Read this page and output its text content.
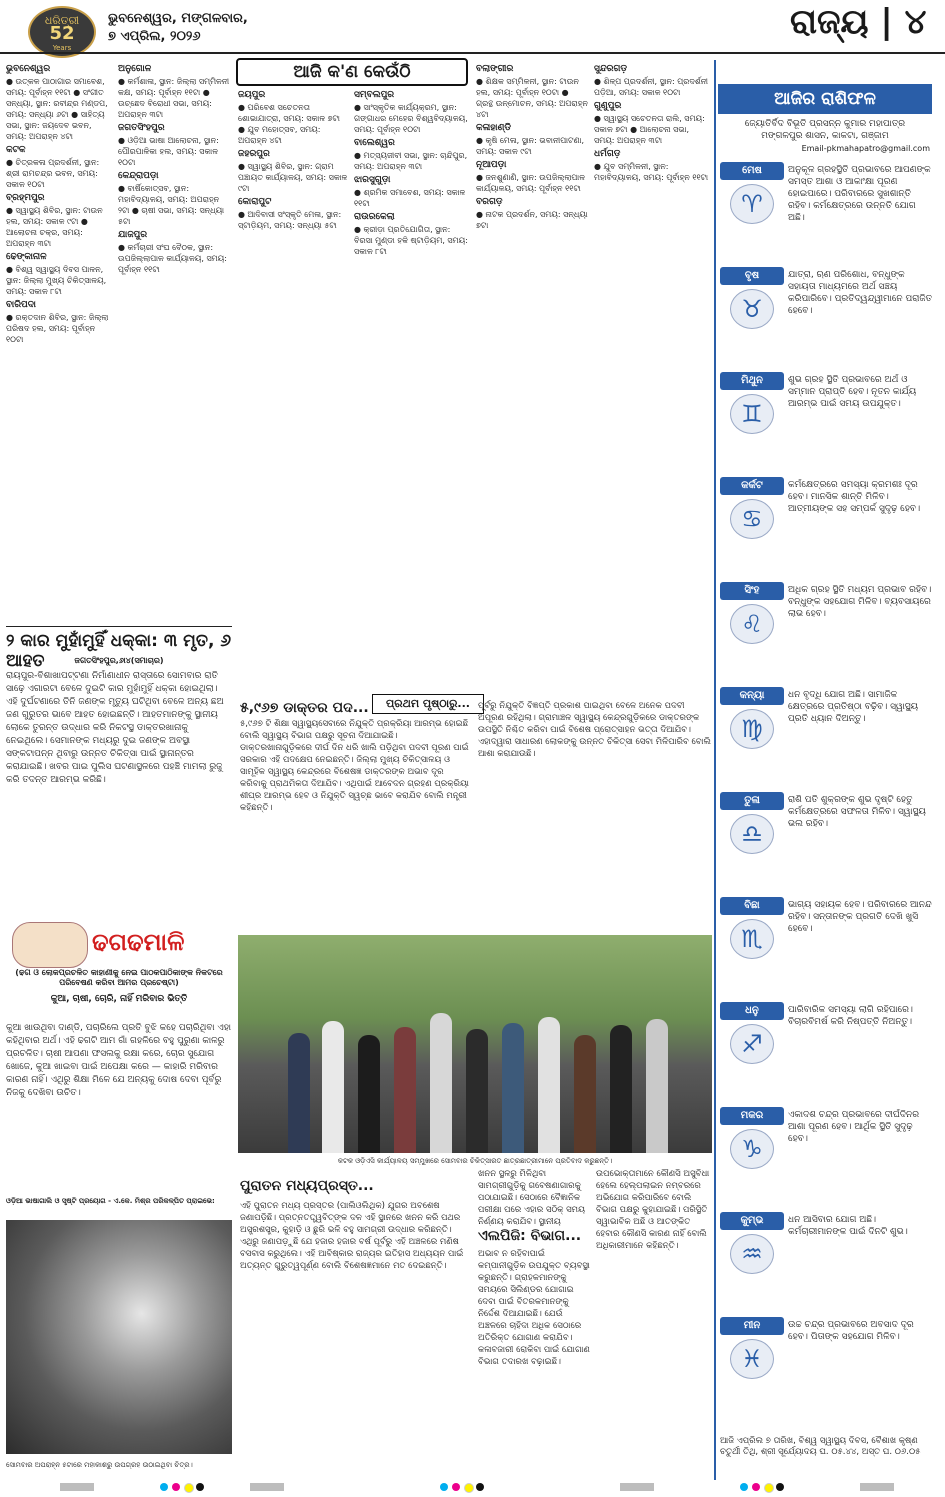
ଧରିତ୍ରୀ
52
Years
ଭୁବନେଶ୍ୱର, ମଙ୍ଗଳବାର,
୭ ଏପ୍ରିଲ, ୨୦୨୬	ରାଜ୍ୟ | ୪
ଆଜି କ'ଣ କେଉଁଠି
ଭୁବନେଶ୍ୱର

● ଉତ୍କଳ ପାଠାଗାର ସମାବେଶ, ସମୟ: ପୂର୍ବାହ୍ନ ୧୧ଟା ● ସଂଗୀତ ସନ୍ଧ୍ୟା, ସ୍ଥାନ: ରବୀନ୍ଦ୍ର ମଣ୍ଡପ, ସମୟ: ସନ୍ଧ୍ୟା ୬ଟା ● ସାହିତ୍ୟ ସଭା, ସ୍ଥାନ: ଜୟଦେବ ଭବନ, ସମୟ: ଅପରାହ୍ନ ୪ଟା

କଟକ

● ଚିତ୍ରକଳା ପ୍ରଦର୍ଶନୀ, ସ୍ଥାନ: ଶ୍ରୀ ରାମଚନ୍ଦ୍ର ଭବନ, ସମୟ: ସକାଳ ୧୦ଟା

ବ୍ରହ୍ମପୁର

● ସ୍ୱାସ୍ଥ୍ୟ ଶିବିର, ସ୍ଥାନ: ଟାଉନ ହଲ, ସମୟ: ସକାଳ ୯ଟା ● ଆଲୋଚନା ଚକ୍ର, ସମୟ: ଅପରାହ୍ନ ୩ଟା

ଢେଙ୍କାନାଳ

● ବିଶ୍ୱ ସ୍ୱାସ୍ଥ୍ୟ ଦିବସ ପାଳନ, ସ୍ଥାନ: ଜିଲ୍ଲା ମୁଖ୍ୟ ଚିକିତ୍ସାଳୟ, ସମୟ: ସକାଳ ୮ଟା

ବାରିପଦା

● ରକ୍ତଦାନ ଶିବିର, ସ୍ଥାନ: ଜିଲ୍ଲା ପରିଷଦ ହଲ, ସମୟ: ପୂର୍ବାହ୍ନ ୧୦ଟା

ଅନୁଗୋଳ

● କର୍ମଶାଳା, ସ୍ଥାନ: ଜିଲ୍ଲା ସମ୍ମିଳନୀ କକ୍ଷ, ସମୟ: ପୂର୍ବାହ୍ନ ୧୧ଟା ● ଉଚ୍ଛେଦ ବିରୋଧୀ ସଭା, ସମୟ: ଅପରାହ୍ନ ୩ଟା

ଜଗତସିଂହପୁର

● ଓଡ଼ିଆ ଭାଷା ଆଲୋଚନା, ସ୍ଥାନ: ପୌରପାଳିକା ହଲ, ସମୟ: ସକାଳ ୧୦ଟା

କେନ୍ଦ୍ରାପଡ଼ା

● ବାର୍ଷିକୋତ୍ସବ, ସ୍ଥାନ: ମହାବିଦ୍ୟାଳୟ, ସମୟ: ଅପରାହ୍ନ ୨ଟା ● ଚାଷୀ ସଭା, ସମୟ: ସନ୍ଧ୍ୟା ୫ଟା

ଯାଜପୁର

● କର୍ମଚାରୀ ସଂଘ ବୈଠକ, ସ୍ଥାନ: ଉପଜିଲ୍ଲାପାଳ କାର୍ଯ୍ୟାଳୟ, ସମୟ: ପୂର୍ବାହ୍ନ ୧୧ଟା

ଜୟପୁର

● ପରିବେଶ ସଚେତନତା ଶୋଭାଯାତ୍ରା, ସମୟ: ସକାଳ ୭ଟା ● ଯୁବ ମହୋତ୍ସବ, ସମୟ: ଅପରାହ୍ନ ୪ଟା

ଜହରପୁର

● ସ୍ୱାସ୍ଥ୍ୟ ଶିବିର, ସ୍ଥାନ: ଗ୍ରାମ ପଞ୍ଚାୟତ କାର୍ଯ୍ୟାଳୟ, ସମୟ: ସକାଳ ୯ଟା

କୋରାପୁଟ

● ଆଦିବାସୀ ସଂସ୍କୃତି ମେଳା, ସ୍ଥାନ: ସ୍ଟାଡ଼ିୟମ, ସମୟ: ସନ୍ଧ୍ୟା ୫ଟା

ସମ୍ବଲପୁର

● ସାଂସ୍କୃତିକ କାର୍ଯ୍ୟକ୍ରମ, ସ୍ଥାନ: ଗଙ୍ଗାଧର ମେହେର ବିଶ୍ୱବିଦ୍ୟାଳୟ, ସମୟ: ପୂର୍ବାହ୍ନ ୧୦ଟା

ବାଲେଶ୍ୱର

● ମତ୍ସ୍ୟଜୀବୀ ସଭା, ସ୍ଥାନ: ଚାନ୍ଦିପୁର, ସମୟ: ଅପରାହ୍ନ ୩ଟା

ଝାରସୁଗୁଡ଼ା

● ଶ୍ରମିକ ସମାବେଶ, ସମୟ: ସକାଳ ୧୧ଟା

ରାଉରକେଲା

● କ୍ରୀଡ଼ା ପ୍ରତିଯୋଗିତା, ସ୍ଥାନ: ବିରସା ମୁଣ୍ଡା ହକି ଷ୍ଟାଡ଼ିୟମ, ସମୟ: ସକାଳ ୮ଟା

ବଲାଙ୍ଗୀର

● ଶିକ୍ଷକ ସମ୍ମିଳନୀ, ସ୍ଥାନ: ଟାଉନ ହଲ, ସମୟ: ପୂର୍ବାହ୍ନ ୧୦ଟା ● ଗ୍ରନ୍ଥ ଉନ୍ମୋଚନ, ସମୟ: ଅପରାହ୍ନ ୪ଟା

କଳାହାଣ୍ଡି

● କୃଷି ମେଳା, ସ୍ଥାନ: ଭବାନୀପାଟଣା, ସମୟ: ସକାଳ ୯ଟା

ନୂଆପଡ଼ା

● ଜନଶୁଣାଣି, ସ୍ଥାନ: ଉପଜିଲ୍ଲାପାଳ କାର୍ଯ୍ୟାଳୟ, ସମୟ: ପୂର୍ବାହ୍ନ ୧୧ଟା

ବରଗଡ଼

● ନାଟକ ପ୍ରଦର୍ଶନ, ସମୟ: ସନ୍ଧ୍ୟା ୭ଟା

ସୁନ୍ଦରଗଡ଼

● ଶିଳ୍ପ ପ୍ରଦର୍ଶନୀ, ସ୍ଥାନ: ପ୍ରଦର୍ଶନୀ ପଡ଼ିଆ, ସମୟ: ସକାଳ ୧୦ଟା

ଗୁଣୁପୁର

● ସ୍ୱାସ୍ଥ୍ୟ ସଚେତନତା ରାଲି, ସମୟ: ସକାଳ ୭ଟା ● ଆଲୋଚନା ସଭା, ସମୟ: ଅପରାହ୍ନ ୩ଟା

ଧର୍ମଗଡ଼

● ଯୁବ ସମ୍ମିଳନୀ, ସ୍ଥାନ: ମହାବିଦ୍ୟାଳୟ, ସମୟ: ପୂର୍ବାହ୍ନ ୧୧ଟା

୨ କାର ମୁହାଁମୁହିଁ ଧକ୍କା: ୩ ମୃତ, ୬ ଆହତ	ଜଗତସିଂହପୁର,୬ା୪(ସମାଚାର)
ରାୟପୁର-ବିଶାଖାପଟ୍ଟଣା ନିର୍ମାଣାଧୀନ ରାସ୍ତାରେ ସୋମବାର ରାତି ସାଢ଼େ ଏଗାରଟା ବେଳେ ଦୁଇଟି କାର ମୁହାଁମୁହିଁ ଧକ୍କା ହୋଇଥିଲା। ଏହି ଦୁର୍ଘଟଣାରେ ତିନି ଜଣଙ୍କ ମୃତ୍ୟୁ ଘଟିଥିବା ବେଳେ ଅନ୍ୟ ଛଅ ଜଣ ଗୁରୁତର ଭାବେ ଆହତ ହୋଇଛନ୍ତି। ଆହତମାନଙ୍କୁ ସ୍ଥାନୀୟ ଲୋକେ ତୁରନ୍ତ ଉଦ୍ଧାର କରି ନିକଟସ୍ଥ ଡାକ୍ତରଖାନାକୁ ନେଇଥିଲେ। ସେମାନଙ୍କ ମଧ୍ୟରୁ ଦୁଇ ଜଣଙ୍କ ଅବସ୍ଥା ସଙ୍କଟାପନ୍ନ ଥିବାରୁ ଉନ୍ନତ ଚିକିତ୍ସା ପାଇଁ ସ୍ଥାନାନ୍ତର କରାଯାଇଛି। ଖବର ପାଇ ପୁଲିସ ଘଟଣାସ୍ଥଳରେ ପହଞ୍ଚି ମାମଲା ରୁଜୁ କରି ତଦନ୍ତ ଆରମ୍ଭ କରିଛି।
ଢଗଢମାଳି
(ଢଗ ଓ ଲୋକପ୍ରଚଳିତ କାହାଣୀକୁ ନେଇ ପାଠକପାଠିକାଙ୍କ ନିକଟରେ ପରିବେଷଣ କରିବା ଆମର ପ୍ରଚେଷ୍ଟା)
କୁଆ, ଚାଷୀ, ଚୋରି, ନାହିଁ ମରିବାର ଭିତ୍ତି
କୁଆ ଖାଉଥିବା ଦାଣ୍ଡି, ପଚାରିଲେ ପ୍ରତି ବୁଝି କହେ ପଚାରିଥିବା ଏହା କହିଥିବାର ଅର୍ଥ। ଏହି ଢଗଟି ଆମ ଗାଁ ଗହଳିରେ ବହୁ ପୁରୁଣା କାଳରୁ ପ୍ରଚଳିତ। ଚାଷୀ ଆପଣା ଫସଲକୁ ରକ୍ଷା କରେ, ଚୋର ସୁଯୋଗ ଖୋଜେ, କୁଆ ଖାଇବା ପାଇଁ ଅପେକ୍ଷା କରେ — କାହାରି ମରିବାର କାରଣ ନାହିଁ। ଏଥିରୁ ଶିକ୍ଷା ମିଳେ ଯେ ଅନ୍ୟକୁ ଦୋଷ ଦେବା ପୂର୍ବରୁ ନିଜକୁ ଦେଖିବା ଉଚିତ।
ଓଡ଼ିଆ ଭାଷାଗାଲି ଓ ସୃଷ୍ଟି ପ୍ରୟୋଗ - ଏ.କେ. ମିଶ୍ର ପରିକଳ୍ପିତ ପ୍ରାଇଭେ:
ସୋମବାର ଅପରାହ୍ନ ୫ଟାରେ ମହାକାଶରୁ ଉପଗ୍ରହ ଉଠାଇଥିବା ଚିତ୍ର।
୫,୯୬୭ ଡାକ୍ତର ପଦ...	ପ୍ରଥମ ପୃଷ୍ଠାରୁ...
୫,୯୬୭ ଟି ଶିକ୍ଷା ସ୍ୱାସ୍ଥ୍ୟସେବାରେ ନିଯୁକ୍ତି ପ୍ରକ୍ରିୟା ଆରମ୍ଭ ହୋଇଛି ବୋଲି ସ୍ୱାସ୍ଥ୍ୟ ବିଭାଗ ପକ୍ଷରୁ ସୂଚନା ଦିଆଯାଇଛି। ଡାକ୍ତରଖାନାଗୁଡ଼ିକରେ ଦୀର୍ଘ ଦିନ ଧରି ଖାଲି ପଡ଼ିଥିବା ପଦବୀ ପୂରଣ ପାଇଁ ସରକାର ଏହି ପଦକ୍ଷେପ ନେଇଛନ୍ତି। ଜିଲ୍ଲା ମୁଖ୍ୟ ଚିକିତ୍ସାଳୟ ଓ ସାମୂହିକ ସ୍ୱାସ୍ଥ୍ୟ କେନ୍ଦ୍ରରେ ବିଶେଷଜ୍ଞ ଡାକ୍ତରଙ୍କ ଅଭାବ ଦୂର କରିବାକୁ ପ୍ରାଥମିକତା ଦିଆଯିବ। ଏଥିପାଇଁ ଆବେଦନ ଗ୍ରହଣ ପ୍ରକ୍ରିୟା ଶୀଘ୍ର ଆରମ୍ଭ ହେବ ଓ ନିଯୁକ୍ତି ସ୍ୱଚ୍ଛ ଭାବେ କରାଯିବ ବୋଲି ମନ୍ତ୍ରୀ କହିଛନ୍ତି।
ପୂର୍ବରୁ ନିଯୁକ୍ତି ବିଜ୍ଞପ୍ତି ପ୍ରକାଶ ପାଇଥିବା ବେଳେ ଅନେକ ପଦବୀ ଅପୂରଣ ରହିଥିଲା। ଗ୍ରାମାଞ୍ଚଳ ସ୍ୱାସ୍ଥ୍ୟ କେନ୍ଦ୍ରଗୁଡ଼ିକରେ ଡାକ୍ତରଙ୍କ ଉପସ୍ଥିତି ନିଶ୍ଚିତ କରିବା ପାଇଁ ବିଶେଷ ପ୍ରୋତ୍ସାହନ ଭତ୍ତା ଦିଆଯିବ। ଏହାଦ୍ୱାରା ସାଧାରଣ ଲୋକଙ୍କୁ ଉନ୍ନତ ଚିକିତ୍ସା ସେବା ମିଳିପାରିବ ବୋଲି ଆଶା କରାଯାଉଛି।
କଟକ ଓଡ଼ିଏସି କାର୍ଯ୍ୟାଳୟ ସମ୍ମୁଖରେ ସୋମବାର ଚିକିତ୍ସାରତ ଛାତ୍ରଛାତ୍ରୀମାନେ ପ୍ରତିବାଦ କରୁଛନ୍ତି।
ପୁରାତନ ମଧ୍ୟପ୍ରସ୍ତ...
ଏହି ପୁରାତନ ମଧ୍ୟ ପ୍ରସ୍ତର (ପାଲିଓଲିଥିକ) ଯୁଗର ଅବଶେଷ ଜଣାପଡ଼ିଛି। ପ୍ରତ୍ନତତ୍ତ୍ୱବିତ୍‌ଙ୍କ ଦଳ ଏହି ସ୍ଥାନରେ ଖନନ କରି ପଥର ଅସ୍ତ୍ରଶସ୍ତ୍ର, କୁହାଡ଼ି ଓ ଛୁରି ଭଳି ବହୁ ସାମଗ୍ରୀ ଉଦ୍ଧାର କରିଛନ୍ତି। ଏଥିରୁ ଜଣାପଡ଼ୁଛି ଯେ ହଜାର ହଜାର ବର୍ଷ ପୂର୍ବରୁ ଏହି ଅଞ୍ଚଳରେ ମଣିଷ ବସବାସ କରୁଥିଲେ। ଏହି ଆବିଷ୍କାର ରାଜ୍ୟର ଇତିହାସ ଅଧ୍ୟୟନ ପାଇଁ ଅତ୍ୟନ୍ତ ଗୁରୁତ୍ୱପୂର୍ଣ୍ଣ ବୋଲି ବିଶେଷଜ୍ଞମାନେ ମତ ଦେଇଛନ୍ତି।
ଖନନ ସ୍ଥଳରୁ ମିଳିଥିବା ସାମଗ୍ରୀଗୁଡ଼ିକୁ ଗବେଷଣାଗାରକୁ ପଠାଯାଇଛି। ସେଠାରେ ବୈଜ୍ଞାନିକ ପରୀକ୍ଷା ପରେ ଏହାର ସଠିକ୍ ସମୟ ନିର୍ଣ୍ଣୟ କରାଯିବ। ସ୍ଥାନୀୟ
ଏଲପିଜି: ବିଭାଗ...
ଅଭାବ ନ ରହିବାପାଇଁ କମ୍ପାନୀଗୁଡ଼ିକ ଉପଯୁକ୍ତ ବ୍ୟବସ୍ଥା କରୁଛନ୍ତି। ଗ୍ରାହକମାନଙ୍କୁ ସମୟରେ ସିଲିଣ୍ଡର ଯୋଗାଇ ଦେବା ପାଇଁ ବିତରକମାନଙ୍କୁ ନିର୍ଦ୍ଦେଶ ଦିଆଯାଇଛି। ଯେଉଁ ଅଞ୍ଚଳରେ ଚାହିଦା ଅଧିକ ସେଠାରେ ଅତିରିକ୍ତ ଯୋଗାଣ କରାଯିବ। କଳାବଜାରୀ ରୋକିବା ପାଇଁ ଯୋଗାଣ ବିଭାଗ ତଦାରଖ ବଢ଼ାଇଛି।
ଉପଭୋକ୍ତାମାନେ କୌଣସି ଅସୁବିଧା ହେଲେ ହେଲ୍ପଲାଇନ ନମ୍ବରରେ ଅଭିଯୋଗ କରିପାରିବେ ବୋଲି ବିଭାଗ ପକ୍ଷରୁ କୁହାଯାଇଛି। ପରିସ୍ଥିତି ସ୍ୱାଭାବିକ ଅଛି ଓ ଆତଙ୍କିତ ହେବାର କୌଣସି କାରଣ ନାହିଁ ବୋଲି ଅଧିକାରୀମାନେ କହିଛନ୍ତି।
ଆଜିର ରାଶିଫଳ
ଜ୍ୟୋତିର୍ବିଦ ବିଭୂତି ପ୍ରସନ୍ନ କୁମାର ମହାପାତ୍ର
ମଙ୍ଗଳପୁର ଶାସନ, କାକଟା, ଗଞ୍ଜାମ
Email-pkmahapatro@gmail.com
ମେଷ
♈
ଅନୁକୂଳ ଗ୍ରହସ୍ଥିତି ପ୍ରଭାବରେ ଆପଣଙ୍କ ସମସ୍ତ ଆଶା ଓ ଆକାଂକ୍ଷା ପୂରଣ ହୋଇପାରେ। ପରିବାରରେ ସୁଖଶାନ୍ତି ରହିବ। କର୍ମକ୍ଷେତ୍ରରେ ଉନ୍ନତି ଯୋଗ ଅଛି।
ବୃଷ
♉
ଯାତ୍ରା, ଋଣ ପରିଶୋଧ, ବନ୍ଧୁଙ୍କ ସହାୟତା ମାଧ୍ୟମରେ ଅର୍ଥ ସଞ୍ଚୟ କରିପାରିବେ। ପ୍ରତିଦ୍ୱନ୍ଦ୍ୱୀମାନେ ପରାଜିତ ହେବେ।
ମିଥୁନ
♊
ଶୁଭ ଗ୍ରହ ସ୍ଥିତି ପ୍ରଭାବରେ ଅର୍ଥ ଓ ସମ୍ମାନ ପ୍ରାପ୍ତି ହେବ। ନୂତନ କାର୍ଯ୍ୟ ଆରମ୍ଭ ପାଇଁ ସମୟ ଉପଯୁକ୍ତ।
କର୍କଟ
♋
କର୍ମକ୍ଷେତ୍ରରେ ସମସ୍ୟା କ୍ରମଶଃ ଦୂର ହେବ। ମାନସିକ ଶାନ୍ତି ମିଳିବ। ଆତ୍ମୀୟଙ୍କ ସହ ସମ୍ପର୍କ ସୁଦୃଢ଼ ହେବ।
ସିଂହ
♌
ଅଧିକ ଗ୍ରହ ସ୍ଥିତି ମଧ୍ୟମ ପ୍ରଭାବ ରହିବ। ବନ୍ଧୁଙ୍କ ସହଯୋଗ ମିଳିବ। ବ୍ୟବସାୟରେ ଲାଭ ହେବ।
କନ୍ୟା
♍
ଧନ ବୃଦ୍ଧି ଯୋଗ ଅଛି। ସାମାଜିକ କ୍ଷେତ୍ରରେ ପ୍ରତିଷ୍ଠା ବଢ଼ିବ। ସ୍ୱାସ୍ଥ୍ୟ ପ୍ରତି ଧ୍ୟାନ ଦିଅନ୍ତୁ।
ତୁଳା
♎
ରାଶି ପତି ଶୁକ୍ରଙ୍କ ଶୁଭ ଦୃଷ୍ଟି ହେତୁ କର୍ମକ୍ଷେତ୍ରରେ ସଫଳତା ମିଳିବ। ସ୍ୱାସ୍ଥ୍ୟ ଭଲ ରହିବ।
ବିଛା
♏
ଭାଗ୍ୟ ସହାୟକ ହେବ। ପରିବାରରେ ଆନନ୍ଦ ରହିବ। ସନ୍ତାନଙ୍କ ପ୍ରଗତି ଦେଖି ଖୁସି ହେବେ।
ଧନୁ
♐
ପାରିବାରିକ ସମସ୍ୟା ଲାଗି ରହିପାରେ। ବିଚାରବିମର୍ଷ କରି ନିଷ୍ପତ୍ତି ନିଅନ୍ତୁ।
ମକର
♑
ଏକାଦଶ ଚନ୍ଦ୍ର ପ୍ରଭାବରେ ଦୀର୍ଘଦିନର ଆଶା ପୂରଣ ହେବ। ଆର୍ଥିକ ସ୍ଥିତି ସୁଦୃଢ଼ ହେବ।
କୁମ୍ଭ
♒
ଧନ ଆସିବାର ଯୋଗ ଅଛି। କର୍ମଚାରୀମାନଙ୍କ ପାଇଁ ଦିନଟି ଶୁଭ।
ମୀନ
♓
ଉଚ୍ଚ ଚନ୍ଦ୍ର ପ୍ରଭାବରେ ଅବସାଦ ଦୂର ହେବ। ପିତାଙ୍କ ସହଯୋଗ ମିଳିବ।
ଆଜି ଏପ୍ରିଲ ୭ ତାରିଖ, ବିଶ୍ୱ ସ୍ୱାସ୍ଥ୍ୟ ଦିବସ, ବୈଶାଖ କୃଷ୍ଣ ଚତୁର୍ଥୀ ତିଥି, ଶ୍ରୀ ସୂର୍ଯ୍ୟୋଦୟ ଘ. ୦୫.୪୪, ଅସ୍ତ ଘ. ୦୬.୦୫
